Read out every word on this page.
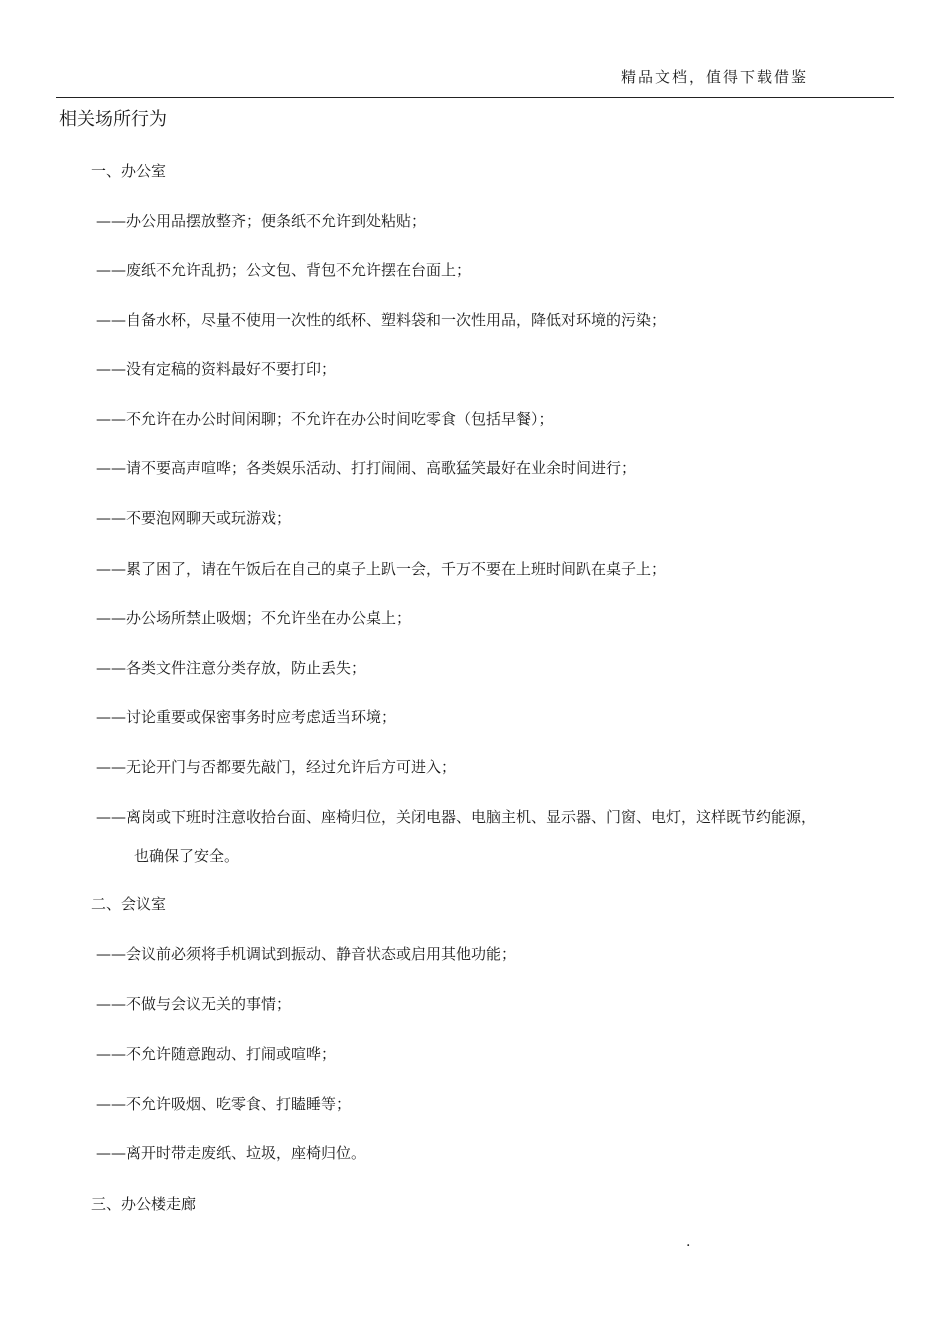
精品文档，值得下载借鉴
相关场所行为
一、办公室
——办公用品摆放整齐；便条纸不允许到处粘贴；
——废纸不允许乱扔；公文包、背包不允许摆在台面上；
——自备水杯，尽量不使用一次性的纸杯、塑料袋和一次性用品，降低对环境的污染；
——没有定稿的资料最好不要打印；
——不允许在办公时间闲聊；不允许在办公时间吃零食（包括早餐）；
——请不要高声喧哗；各类娱乐活动、打打闹闹、高歌猛笑最好在业余时间进行；
——不要泡网聊天或玩游戏；
——累了困了，请在午饭后在自己的桌子上趴一会，千万不要在上班时间趴在桌子上；
——办公场所禁止吸烟；不允许坐在办公桌上；
——各类文件注意分类存放，防止丢失；
——讨论重要或保密事务时应考虑适当环境；
——无论开门与否都要先敲门，经过允许后方可进入；
——离岗或下班时注意收拾台面、座椅归位，关闭电器、电脑主机、显示器、门窗、电灯，这样既节约能源，
也确保了安全。
二、会议室
——会议前必须将手机调试到振动、静音状态或启用其他功能；
——不做与会议无关的事情；
——不允许随意跑动、打闹或喧哗；
——不允许吸烟、吃零食、打瞌睡等；
——离开时带走废纸、垃圾，座椅归位。
三、办公楼走廊
.
